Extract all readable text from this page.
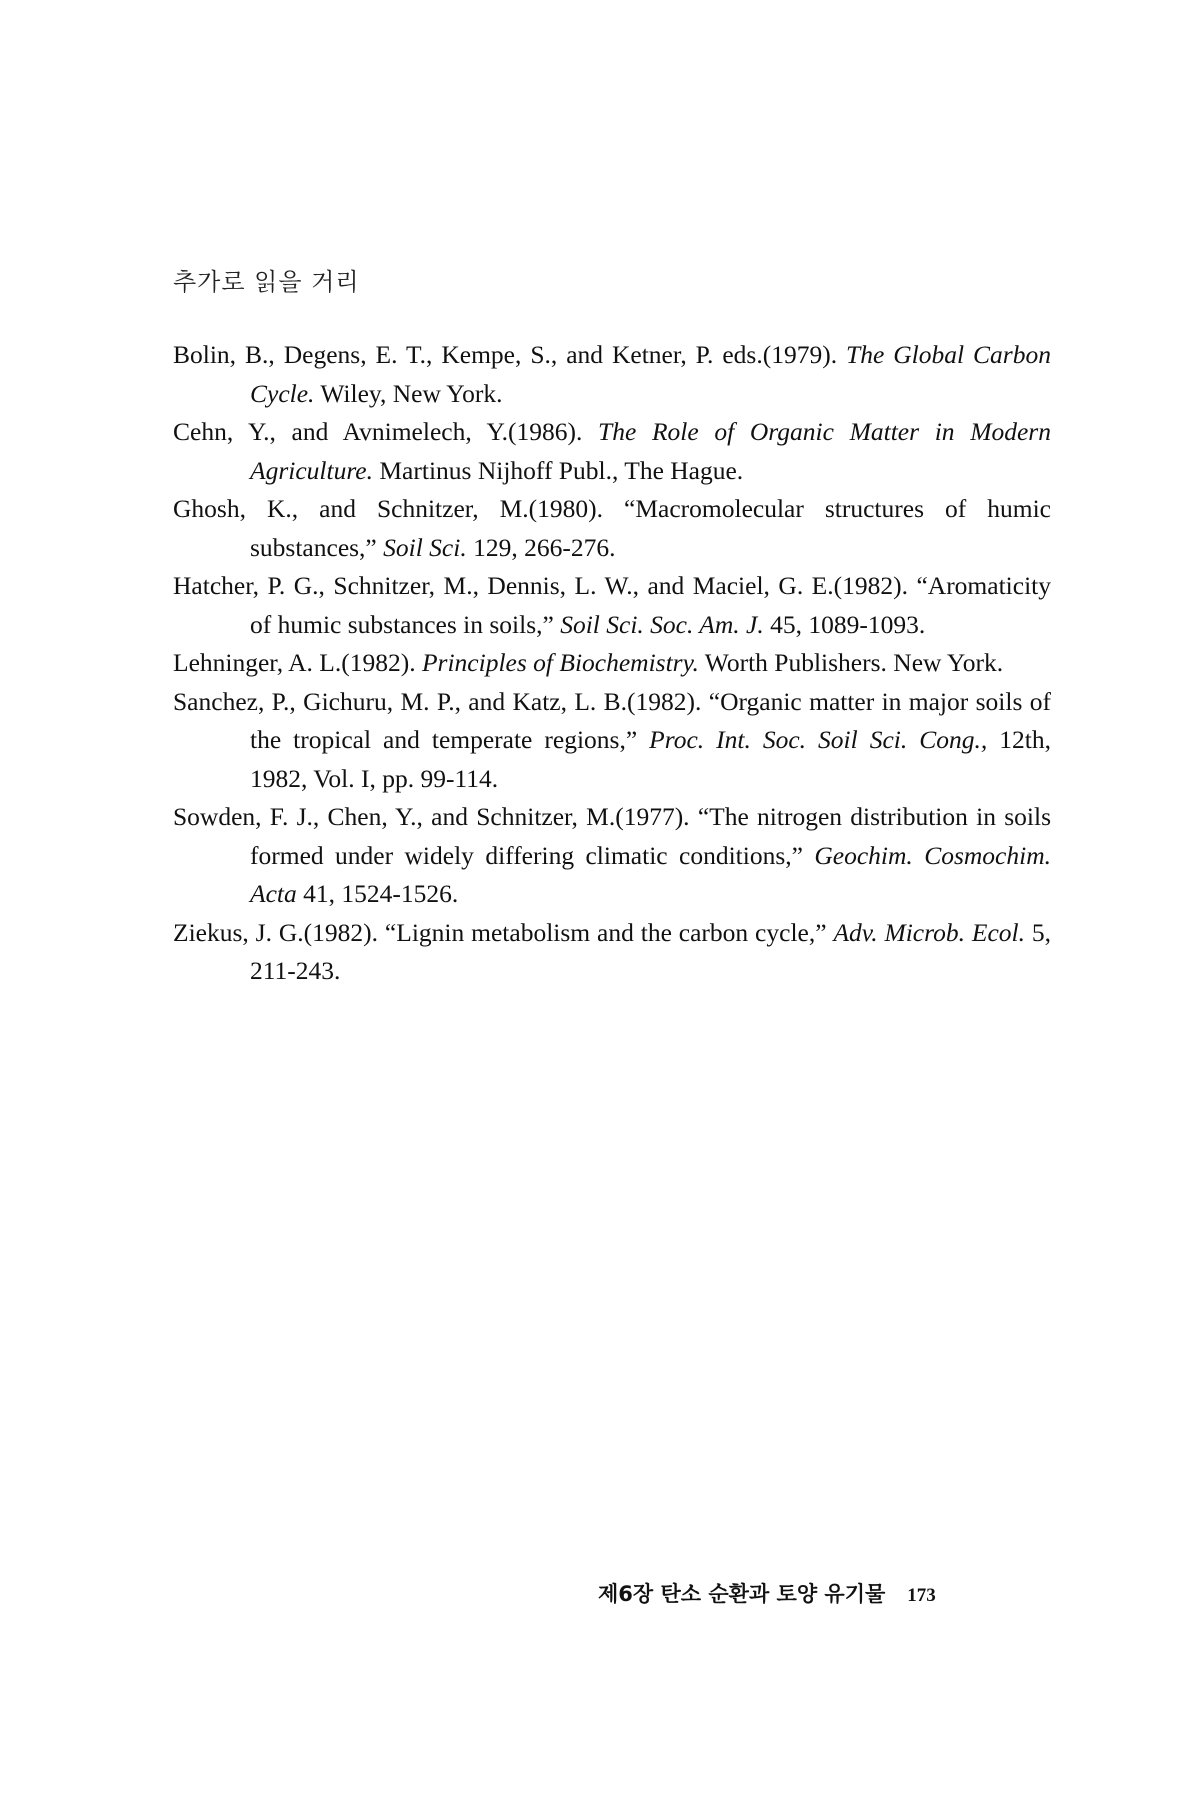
추가로 읽을 거리

Bolin, B., Degens, E. T., Kempe, S., and Ketner, P. eds.(1979). The Global Carbon Cycle. Wiley, New York.

Cehn, Y., and Avnimelech, Y.(1986). The Role of Organic Matter in Modern Agriculture. Martinus Nijhoff Publ., The Hague.

Ghosh, K., and Schnitzer, M.(1980). “Macromolecular structures of humic substances,” Soil Sci. 129, 266-276.

Hatcher, P. G., Schnitzer, M., Dennis, L. W., and Maciel, G. E.(1982). “Aromaticity of humic substances in soils,” Soil Sci. Soc. Am. J. 45, 1089-1093.

Lehninger, A. L.(1982). Principles of Biochemistry. Worth Publishers. New York.

Sanchez, P., Gichuru, M. P., and Katz, L. B.(1982). “Organic matter in major soils of the tropical and temperate regions,” Proc. Int. Soc. Soil Sci. Cong., 12th, 1982, Vol. I, pp. 99-114.

Sowden, F. J., Chen, Y., and Schnitzer, M.(1977). “The nitrogen distribution in soils formed under widely differing climatic conditions,” Geochim. Cosmochim. Acta 41, 1524-1526.

Ziekus, J. G.(1982). “Lignin metabolism and the carbon cycle,” Adv. Microb. Ecol. 5, 211-243.

제6장 탄소 순환과 토양 유기물 173
